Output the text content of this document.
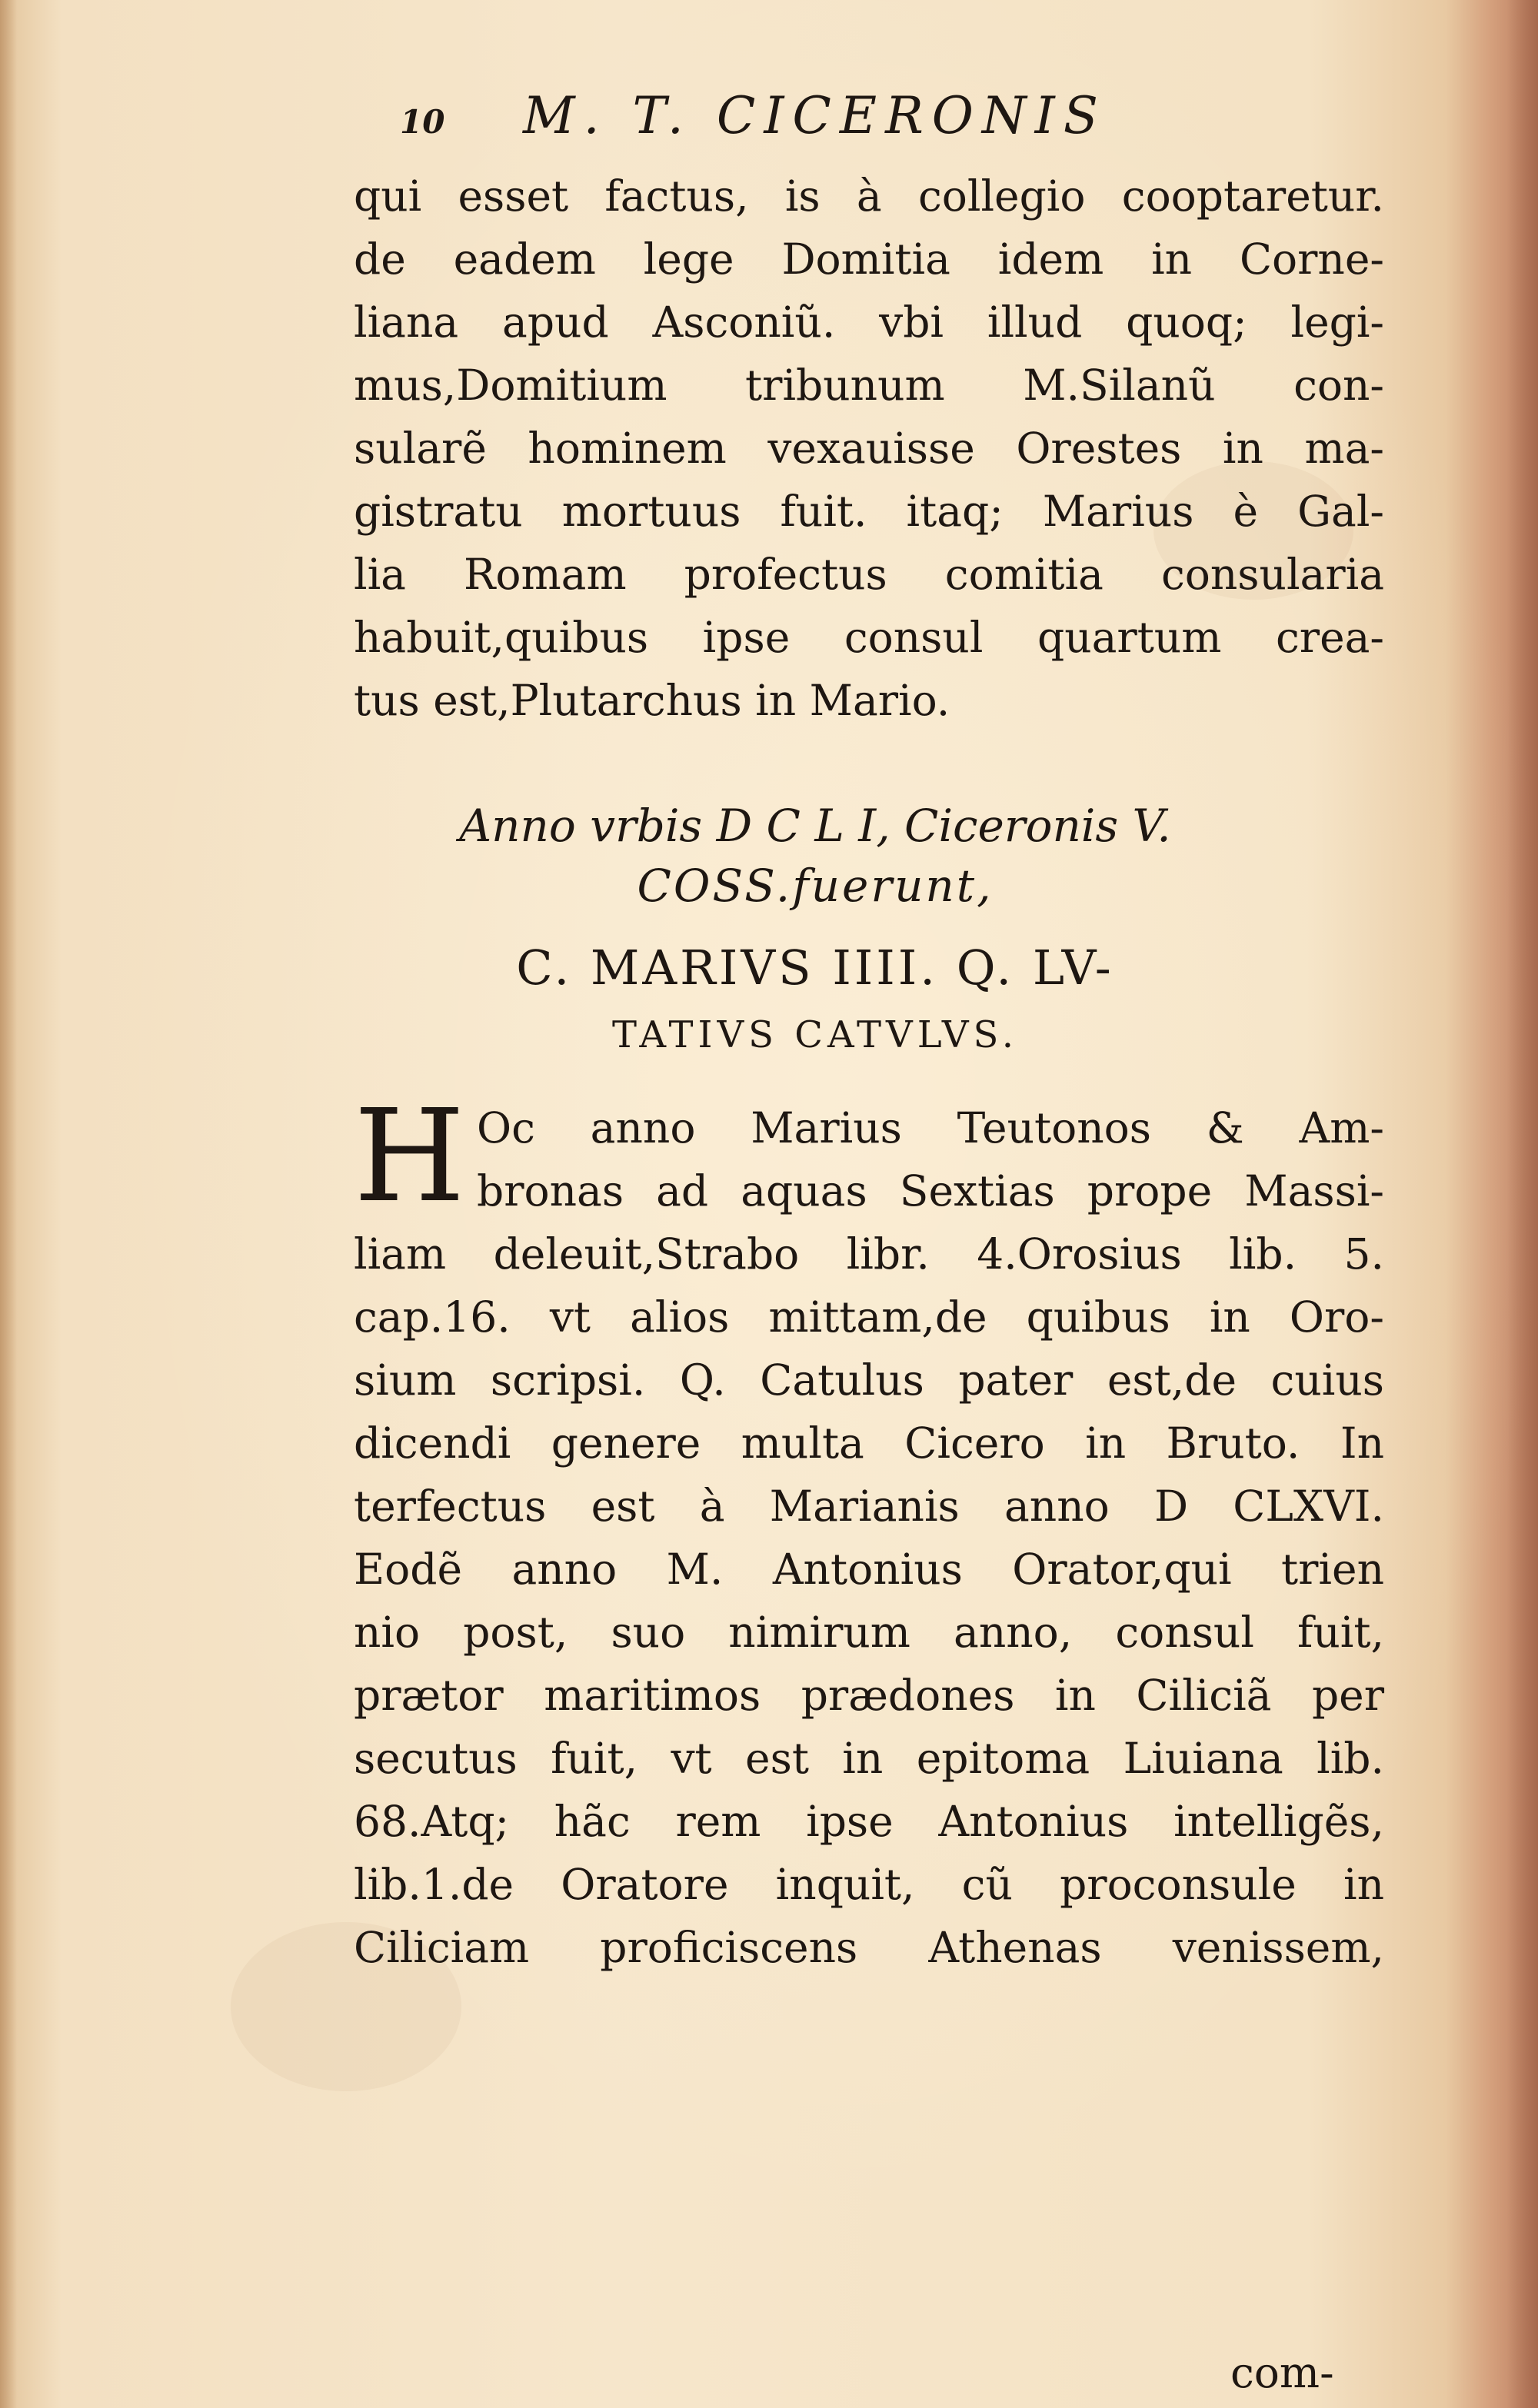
10 M. T. CICERONIS
qui esset factus, is à collegio cooptaretur.
de eadem lege Domitia idem in Corne-
liana apud Asconiũ. vbi illud quoq; legi-
mus,Domitium tribunum M.Silanũ con-
sularẽ hominem vexauisse Orestes in ma-
gistratu mortuus fuit. itaq; Marius è Gal-
lia Romam profectus comitia consularia
habuit,quibus ipse consul quartum crea-
tus est,Plutarchus in Mario.
Anno vrbis D C L I, Ciceronis V.
COSS.fuerunt,
C. MARIVS IIII. Q. LV-
TATIVS CATVLVS.
H Oc anno Marius Teutonos & Am-
bronas ad aquas Sextias prope Massi-
liam deleuit,Strabo libr. 4.Orosius lib. 5.
cap.16. vt alios mittam,de quibus in Oro-
sium scripsi. Q. Catulus pater est,de cuius
dicendi genere multa Cicero in Bruto. In
terfectus est à Marianis anno D CLXVI.
Eodẽ anno M. Antonius Orator,qui trien
nio post, suo nimirum anno, consul fuit,
prætor maritimos prædones in Ciliciã per
secutus fuit, vt est in epitoma Liuiana lib.
68.Atq; hãc rem ipse Antonius intelligẽs,
lib.1.de Oratore inquit, cũ proconsule in
Ciliciam proficiscens Athenas venissem,
com-
